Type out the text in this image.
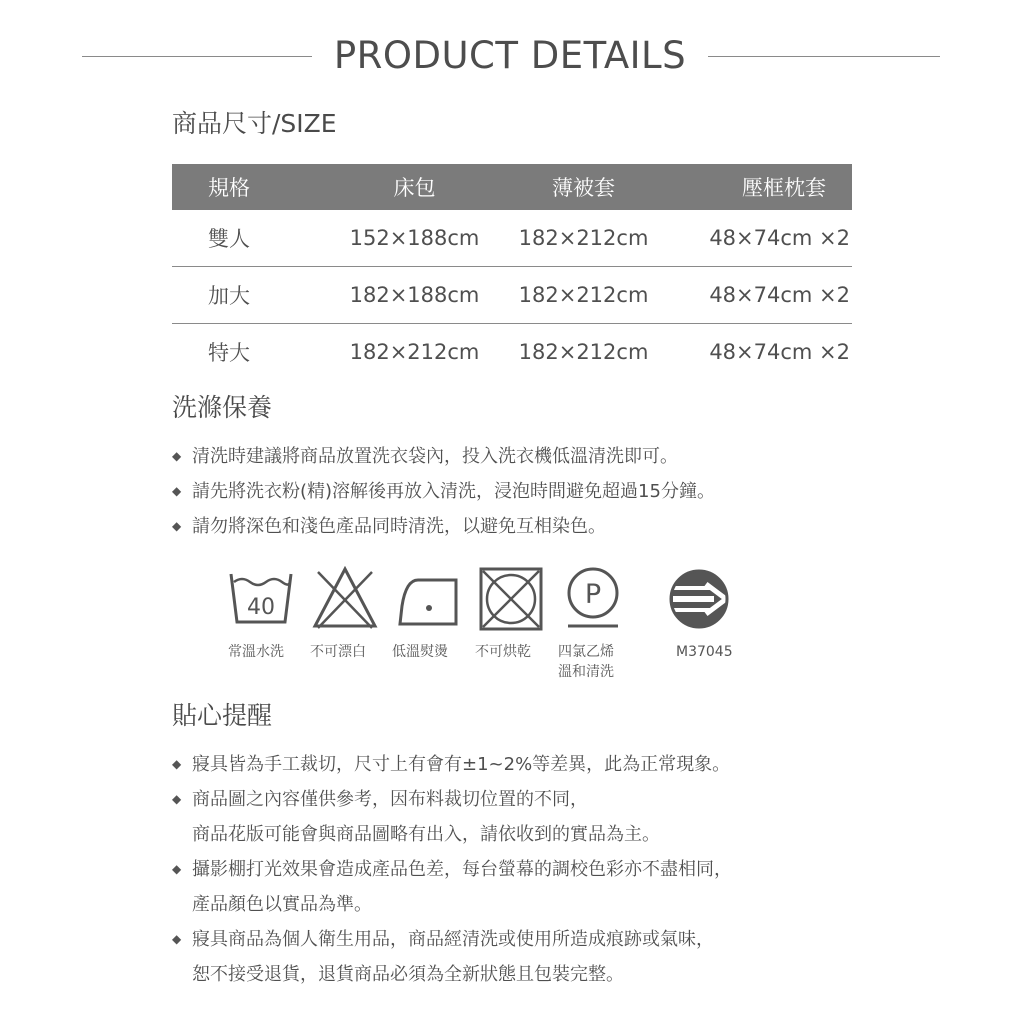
PRODUCT DETAILS
商品尺寸/SIZE
規格	床包	薄被套	壓框枕套
雙人	152×188cm	182×212cm	48×74cm ×2
加大	182×188cm	182×212cm	48×74cm ×2
特大	182×212cm	182×212cm	48×74cm ×2
洗滌保養
◆ 清洗時建議將商品放置洗衣袋內，投入洗衣機低溫清洗即可。
◆ 請先將洗衣粉(精)溶解後再放入清洗，浸泡時間避免超過15分鐘。
◆ 請勿將深色和淺色產品同時清洗，以避免互相染色。
40	P
常溫水洗 不可漂白 低溫熨燙 不可烘乾 四氯乙烯
溫和清洗
M37045
貼心提醒
◆ 寢具皆為手工裁切，尺寸上有會有±1~2%等差異，此為正常現象。
◆ 商品圖之內容僅供參考，因布料裁切位置的不同，
商品花版可能會與商品圖略有出入，請依收到的實品為主。
◆ 攝影棚打光效果會造成產品色差，每台螢幕的調校色彩亦不盡相同，
產品顏色以實品為準。
◆ 寢具商品為個人衛生用品，商品經清洗或使用所造成痕跡或氣味，
恕不接受退貨，退貨商品必須為全新狀態且包裝完整。
